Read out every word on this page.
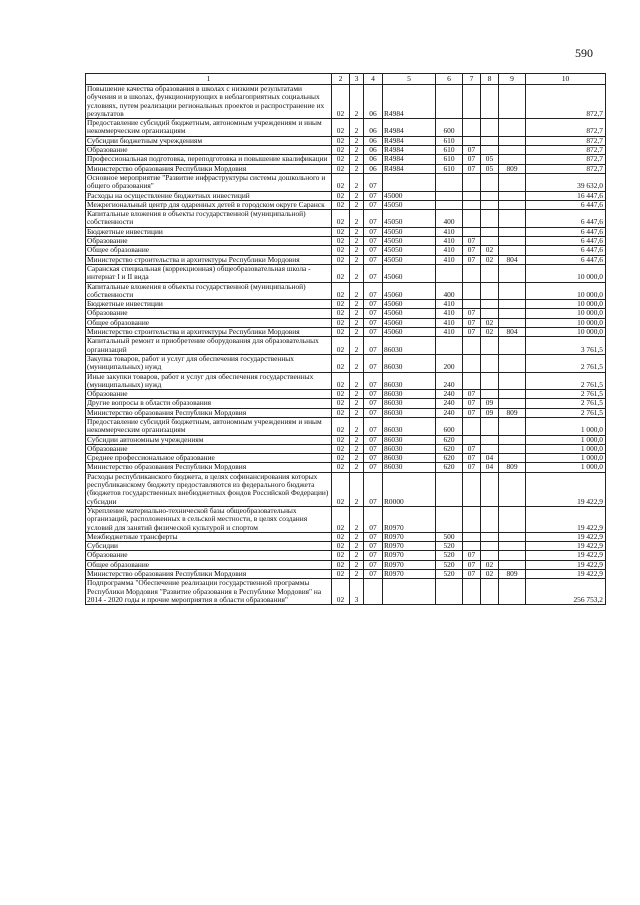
590
1	2	3	4	5	6	7	8	9	10
Повышение качества образования в школах с низкими результатами обучения и в школах, функционирующих в неблагоприятных социальных условиях, путем реализации региональных проектов и распространение их результатов	02	2	06	R4984					872,7
Предоставление субсидий бюджетным, автономным учреждениям и иным некоммерческим организациям	02	2	06	R4984	600				872,7
Субсидии бюджетным учреждениям	02	2	06	R4984	610				872,7
Образование	02	2	06	R4984	610	07			872,7
Профессиональная подготовка, переподготовка и повышение квалификации	02	2	06	R4984	610	07	05		872,7
Министерство образования Республики Мордовия	02	2	06	R4984	610	07	05	809	872,7
Основное мероприятие "Развитие инфраструктуры системы дошкольного и общего образования"	02	2	07						39 632,0
Расходы на осуществление бюджетных инвестиций	02	2	07	45000					16 447,6
Межрегиональный центр для одаренных детей в городском округе Саранск	02	2	07	45050					6 447,6
Капитальные вложения в объекты государственной (муниципальной) собственности	02	2	07	45050	400				6 447,6
Бюджетные инвестиции	02	2	07	45050	410				6 447,6
Образование	02	2	07	45050	410	07			6 447,6
Общее образование	02	2	07	45050	410	07	02		6 447,6
Министерство строительства и архитектуры Республики Мордовия	02	2	07	45050	410	07	02	804	6 447,6
Саранская специальная (коррекционная) общеобразовательная школа - интернат I и II вида	02	2	07	45060					10 000,0
Капитальные вложения в объекты государственной (муниципальной) собственности	02	2	07	45060	400				10 000,0
Бюджетные инвестиции	02	2	07	45060	410				10 000,0
Образование	02	2	07	45060	410	07			10 000,0
Общее образование	02	2	07	45060	410	07	02		10 000,0
Министерство строительства и архитектуры Республики Мордовия	02	2	07	45060	410	07	02	804	10 000,0
Капитальный ремонт и приобретение оборудования для образовательных организаций	02	2	07	86030					3 761,5
Закупка товаров, работ и услуг для обеспечения государственных (муниципальных) нужд	02	2	07	86030	200				2 761,5
Иные закупки товаров, работ и услуг для обеспечения государственных (муниципальных) нужд	02	2	07	86030	240				2 761,5
Образование	02	2	07	86030	240	07			2 761,5
Другие вопросы в области образования	02	2	07	86030	240	07	09		2 761,5
Министерство образования Республики Мордовия	02	2	07	86030	240	07	09	809	2 761,5
Предоставление субсидий бюджетным, автономным учреждениям и иным некоммерческим организациям	02	2	07	86030	600				1 000,0
Субсидии автономным учреждениям	02	2	07	86030	620				1 000,0
Образование	02	2	07	86030	620	07			1 000,0
Среднее профессиональное образование	02	2	07	86030	620	07	04		1 000,0
Министерство образования Республики Мордовия	02	2	07	86030	620	07	04	809	1 000,0
Расходы республиканского бюджета, в целях софинансирования которых республиканскому бюджету предоставляются из федерального бюджета (бюджетов государственных внебюджетных фондов Российской Федерации) субсидии	02	2	07	R0000					19 422,9
Укрепление материально-технической базы общеобразовательных организаций, расположенных в сельской местности, в целях создания условий для занятий физической культурой и спортом	02	2	07	R0970					19 422,9
Межбюджетные трансферты	02	2	07	R0970	500				19 422,9
Субсидии	02	2	07	R0970	520				19 422,9
Образование	02	2	07	R0970	520	07			19 422,9
Общее образование	02	2	07	R0970	520	07	02		19 422,9
Министерство образования Республики Мордовия	02	2	07	R0970	520	07	02	809	19 422,9
Подпрограмма "Обеспечение реализации государственной программы Республики Мордовия "Развитие образования в Республике Мордовия" на 2014 - 2020 годы и прочие мероприятия в области образования"	02	3							256 753,2
